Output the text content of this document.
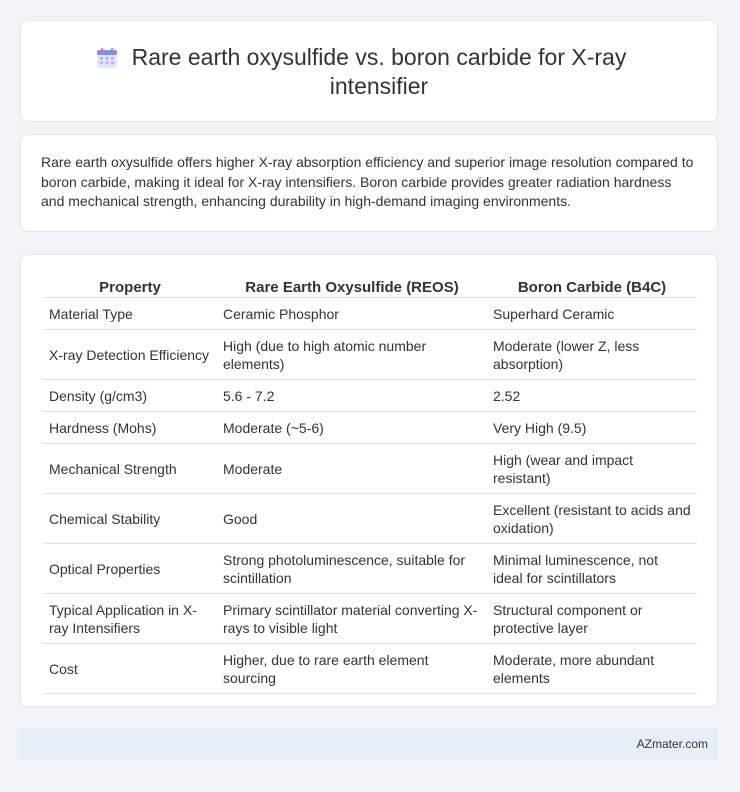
Rare earth oxysulfide vs. boron carbide for X-ray intensifier

Rare earth oxysulfide offers higher X-ray absorption efficiency and superior image resolution compared to boron carbide, making it ideal for X-ray intensifiers. Boron carbide provides greater radiation hardness and mechanical strength, enhancing durability in high-demand imaging environments.

Property	Rare Earth Oxysulfide (REOS)	Boron Carbide (B4C)
Material Type	Ceramic Phosphor	Superhard Ceramic
X-ray Detection Efficiency	High (due to high atomic number elements)	Moderate (lower Z, less absorption)
Density (g/cm3)	5.6 - 7.2	2.52
Hardness (Mohs)	Moderate (~5-6)	Very High (9.5)
Mechanical Strength	Moderate	High (wear and impact resistant)
Chemical Stability	Good	Excellent (resistant to acids and oxidation)
Optical Properties	Strong photoluminescence, suitable for scintillation	Minimal luminescence, not ideal for scintillators
Typical Application in X-ray Intensifiers	Primary scintillator material converting X-rays to visible light	Structural component or protective layer
Cost	Higher, due to rare earth element sourcing	Moderate, more abundant elements
AZmater.com
